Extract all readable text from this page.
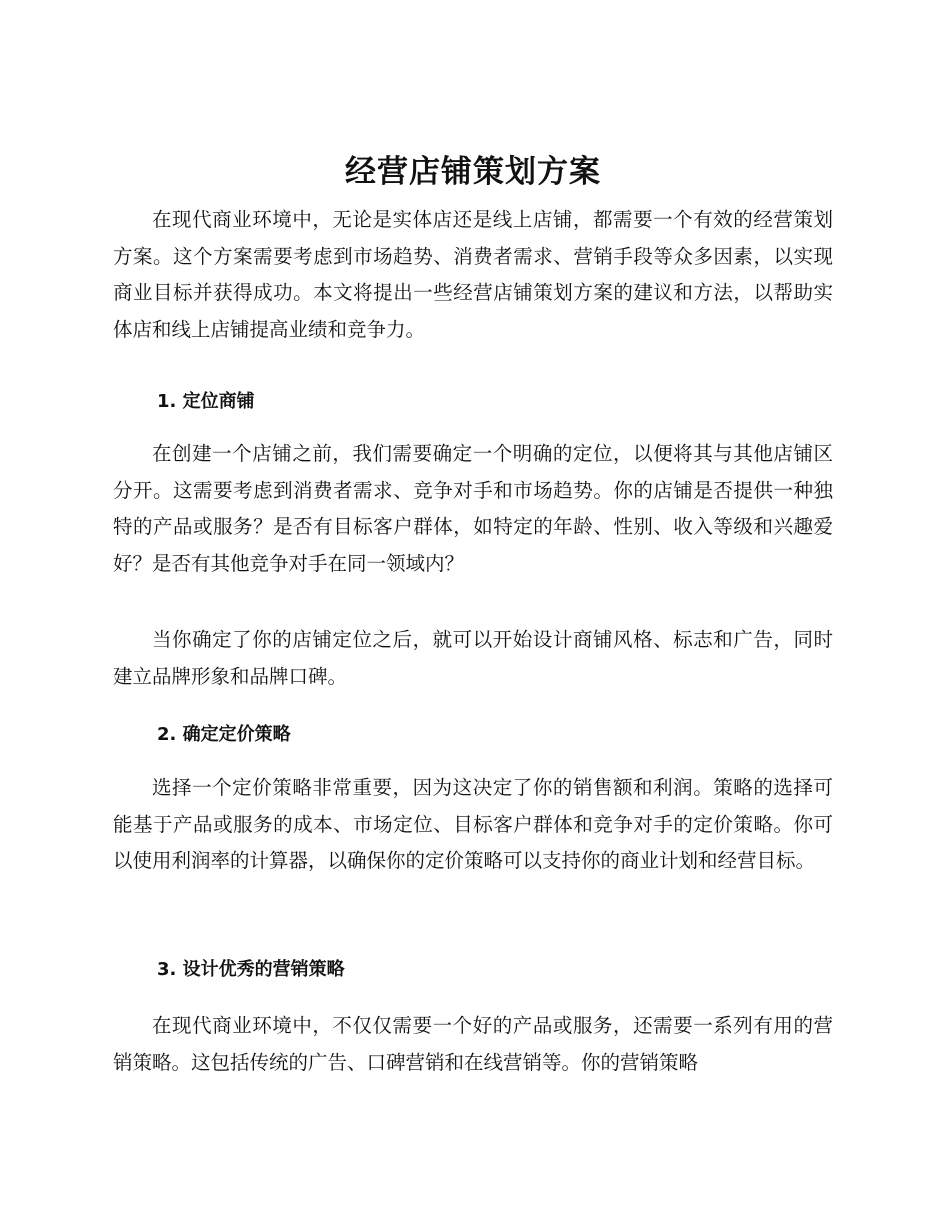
经营店铺策划方案

在现代商业环境中，无论是实体店还是线上店铺，都需要一个有效的经营策划方案。这个方案需要考虑到市场趋势、消费者需求、营销手段等众多因素，以实现商业目标并获得成功。本文将提出一些经营店铺策划方案的建议和方法，以帮助实体店和线上店铺提高业绩和竞争力。

1. 定位商铺

在创建一个店铺之前，我们需要确定一个明确的定位，以便将其与其他店铺区分开。这需要考虑到消费者需求、竞争对手和市场趋势。你的店铺是否提供一种独特的产品或服务？是否有目标客户群体，如特定的年龄、性别、收入等级和兴趣爱好？是否有其他竞争对手在同一领域内？

当你确定了你的店铺定位之后，就可以开始设计商铺风格、标志和广告，同时建立品牌形象和品牌口碑。

2. 确定定价策略

选择一个定价策略非常重要，因为这决定了你的销售额和利润。策略的选择可能基于产品或服务的成本、市场定位、目标客户群体和竞争对手的定价策略。你可以使用利润率的计算器，以确保你的定价策略可以支持你的商业计划和经营目标。

3. 设计优秀的营销策略

在现代商业环境中，不仅仅需要一个好的产品或服务，还需要一系列有用的营销策略。这包括传统的广告、口碑营销和在线营销等。你的营销策略
